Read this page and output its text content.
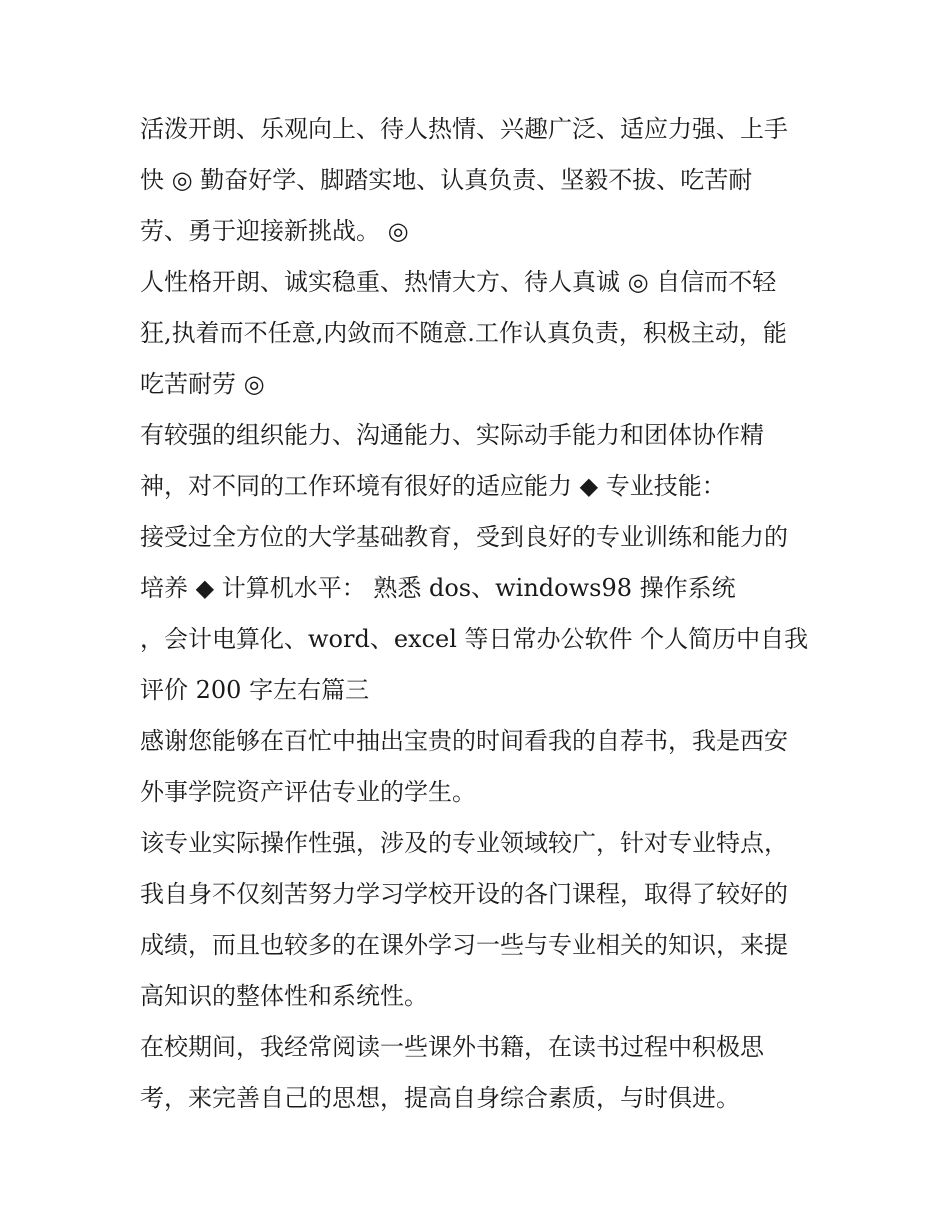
活泼开朗、乐观向上、待人热情、兴趣广泛、适应力强、上手
快 ◎ 勤奋好学、脚踏实地、认真负责、坚毅不拔、吃苦耐
劳、勇于迎接新挑战。 ◎

人性格开朗、诚实稳重、热情大方、待人真诚 ◎ 自信而不轻
狂,执着而不任意,内敛而不随意.工作认真负责，积极主动，能
吃苦耐劳 ◎

有较强的组织能力、沟通能力、实际动手能力和团体协作精
神，对不同的工作环境有很好的适应能力 ◆ 专业技能：

接受过全方位的大学基础教育，受到良好的专业训练和能力的
培养 ◆ 计算机水平： 熟悉 dos、windows98 操作系统

，会计电算化、word、excel 等日常办公软件 个人简历中自我
评价 200 字左右篇三

感谢您能够在百忙中抽出宝贵的时间看我的自荐书，我是西安
外事学院资产评估专业的学生。

该专业实际操作性强，涉及的专业领域较广，针对专业特点，
我自身不仅刻苦努力学习学校开设的各门课程，取得了较好的
成绩，而且也较多的在课外学习一些与专业相关的知识，来提
高知识的整体性和系统性。

在校期间，我经常阅读一些课外书籍，在读书过程中积极思
考，来完善自己的思想，提高自身综合素质，与时俱进。
